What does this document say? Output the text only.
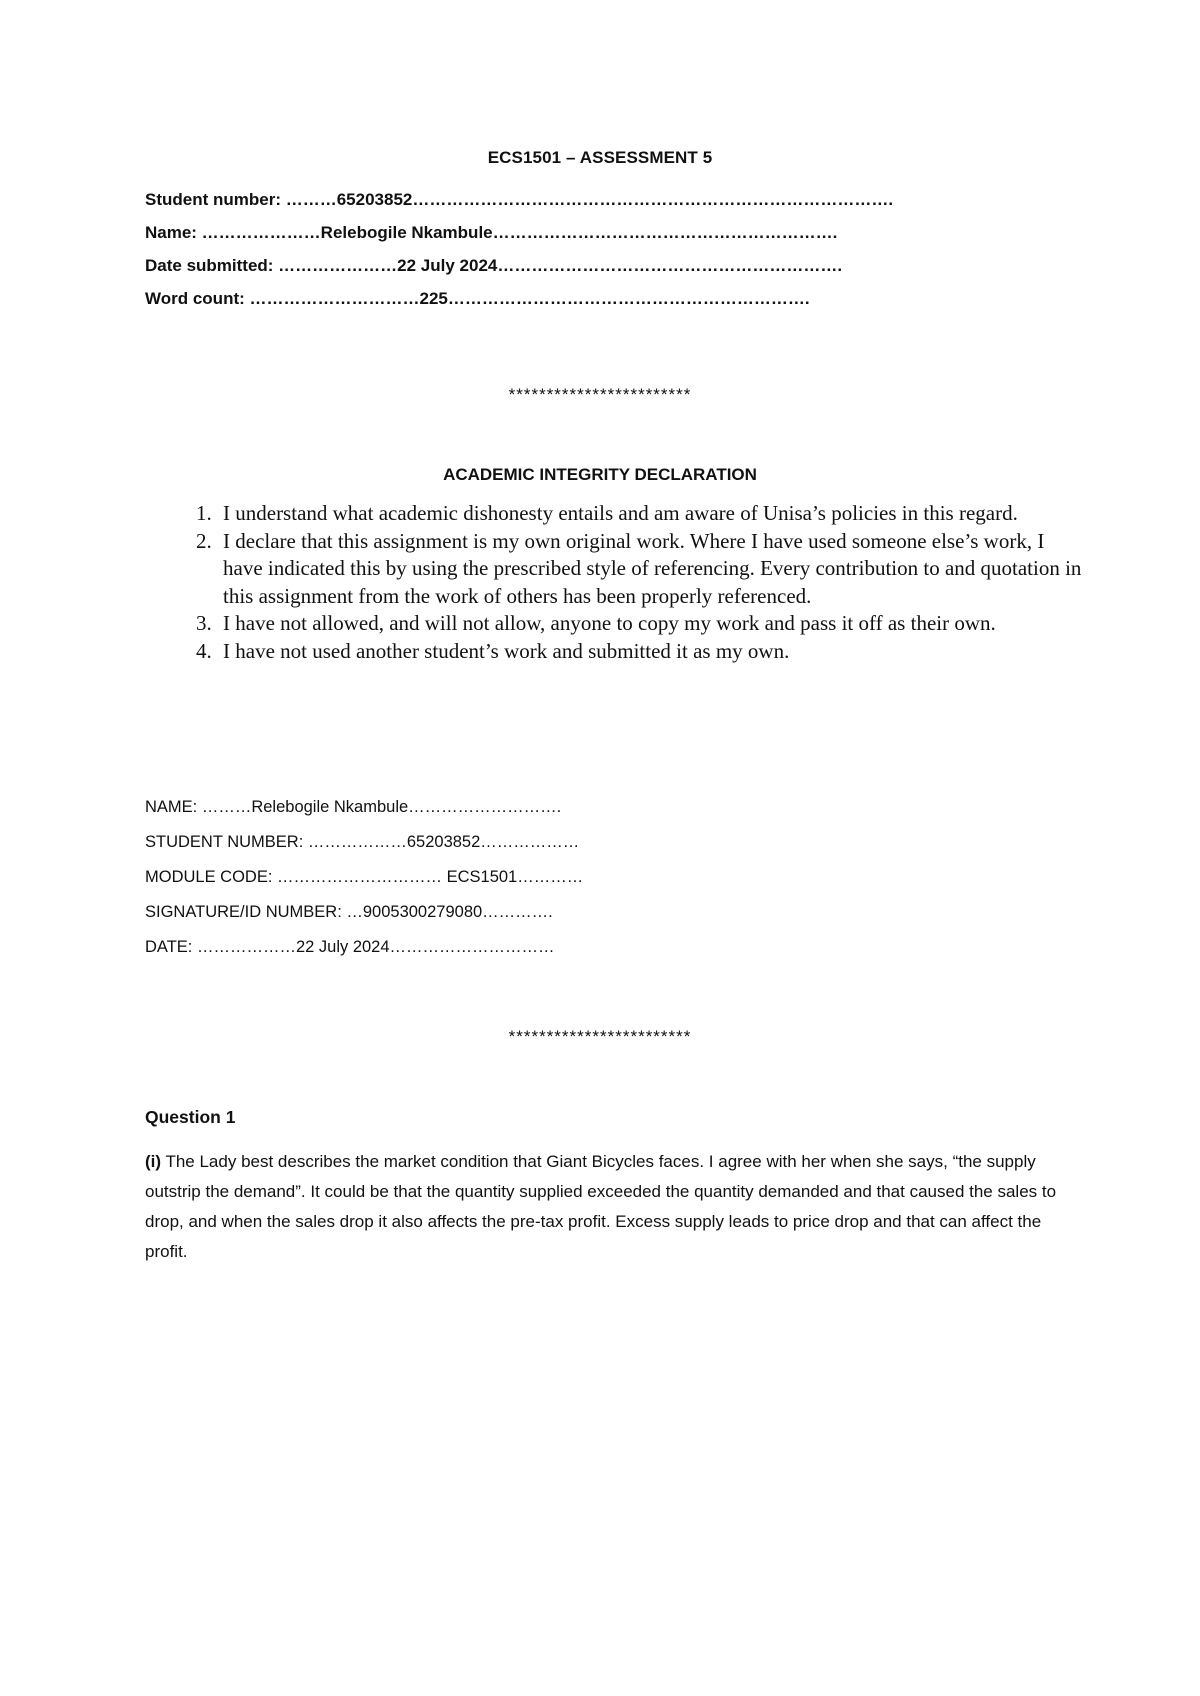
ECS1501 – ASSESSMENT 5
Student number: ………65203852………………………………………………………………………….
Name: …………………Relebogile Nkambule…………………………………………………….
Date submitted: …………………22 July 2024…………………………………………………….
Word count: …………………………225……………………………………………………….
************************
ACADEMIC INTEGRITY DECLARATION
1. I understand what academic dishonesty entails and am aware of Unisa’s policies in this regard.
2. I declare that this assignment is my own original work. Where I have used someone else’s work, I have indicated this by using the prescribed style of referencing. Every contribution to and quotation in this assignment from the work of others has been properly referenced.
3. I have not allowed, and will not allow, anyone to copy my work and pass it off as their own.
4. I have not used another student’s work and submitted it as my own.
NAME: ………Relebogile Nkambule……………………….
STUDENT NUMBER: ………………65203852………………
MODULE CODE: ………………………… ECS1501…………
SIGNATURE/ID NUMBER: …9005300279080………….
DATE: ………………22 July 2024…………………………
************************
Question 1

(i) The Lady best describes the market condition that Giant Bicycles faces. I agree with her when she says, “the supply outstrip the demand”. It could be that the quantity supplied exceeded the quantity demanded and that caused the sales to drop, and when the sales drop it also affects the pre-tax profit. Excess supply leads to price drop and that can affect the profit.
